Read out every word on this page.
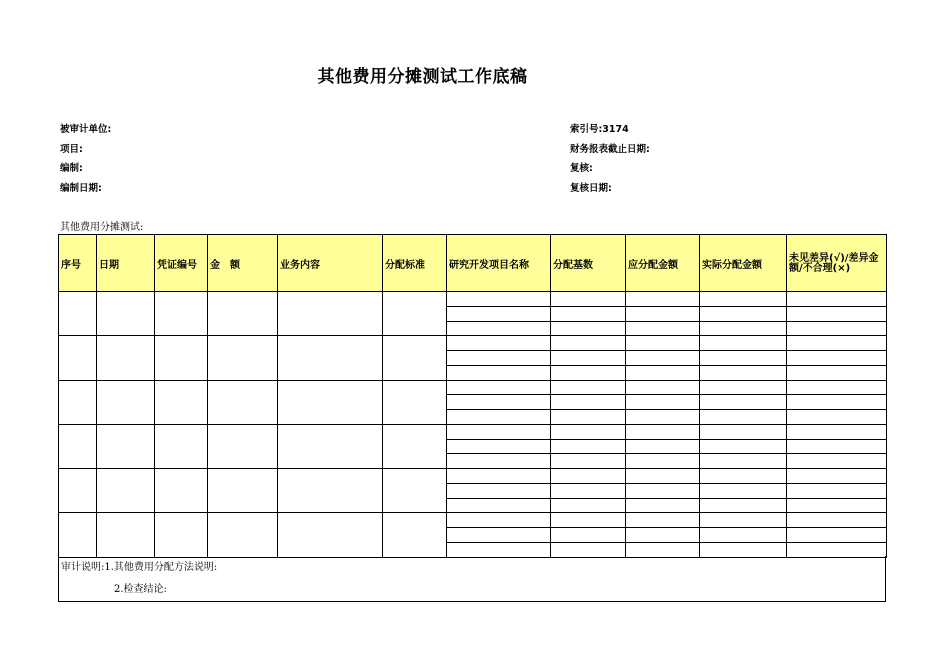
其他费用分摊测试工作底稿
被审计单位:
项目:
编制:
编制日期:
索引号:3174
财务报表截止日期:
复核:
复核日期:
其他费用分摊测试:
序号	日期	凭证编号	金　额	业务内容	分配标准	研究开发项目名称	分配基数	应分配金额	实际分配金额	未见差异(√)/差异金额/不合理(×)

审计说明:1.其他费用分配方法说明:
2.检查结论:
